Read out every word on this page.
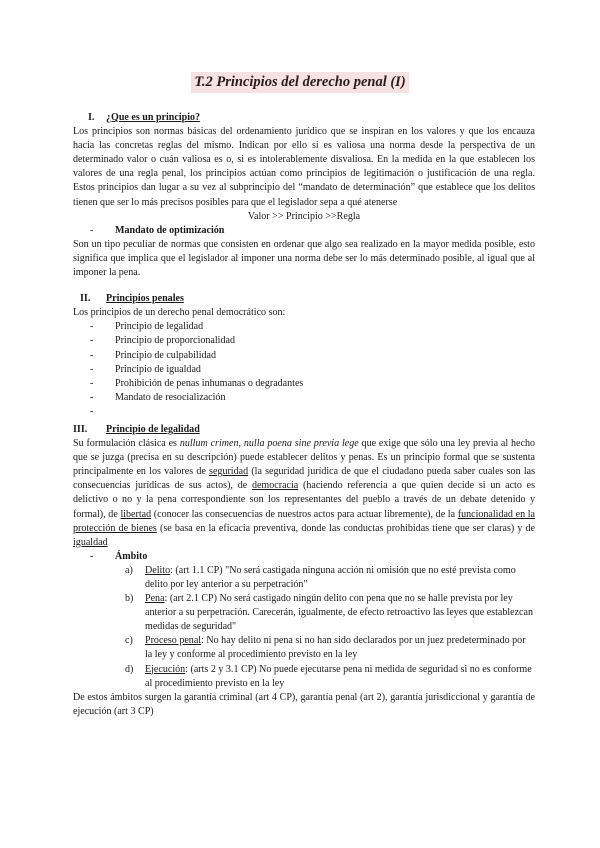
T.2 Principios del derecho penal (I)
I.	¿Que es un principio?

Los principios son normas básicas del ordenamiento jurídico que se inspiran en los valores y que los encauza hacia las concretas reglas del mismo. Indican por ello si es valiosa una norma desde la perspectiva de un determinado valor o cuán valiosa es o, si es intolerablemente disvaliosa. En la medida en la que establecen los valores de una regla penal, los principios actúan como principios de legitimación o justificación de una regla. Estos principios dan lugar a su vez al subprincipio del “mandato de determinación” que establece que los delitos tienen que ser lo más precisos posibles para que el legislador sepa a qué atenerse

Valor >> Principio >>Regla

-	Mandato de optimización

Son un tipo peculiar de normas que consisten en ordenar que algo sea realizado en la mayor medida posible, esto significa que implica que el legislador al imponer una norma debe ser lo más determinado posible, al igual que al imponer la pena.

II.	Principios penales

Los principios de un derecho penal democrático son:

-	Principio de legalidad
-	Principio de proporcionalidad
-	Principio de culpabilidad
-	Principio de igualdad
-	Prohibición de penas inhumanas o degradantes
-	Mandato de resocialización
-
III.	Principio de legalidad

Su formulación clásica es nullum crimen, nulla poena sine previa lege que exige que sólo una ley previa al hecho que se juzga (precisa en su descripción) puede establecer delitos y penas. Es un principio formal que se sustenta principalmente en los valores de seguridad (la seguridad jurídica de que el ciudadano pueda saber cuales son las consecuencias jurídicas de sus actos), de democracia (haciendo referencia a que quien decide si un acto es delictivo o no y la pena correspondiente son los representantes del pueblo a través de un debate detenido y formal), de libertad (conocer las consecuencias de nuestros actos para actuar libremente), de la funcionalidad en la protección de bienes (se basa en la eficacia preventiva, donde las conductas prohibidas tiene que ser claras) y de igualdad

-	Ámbito
a)	Delito: (art 1.1 CP) "No será castigada ninguna acción ni omisión que no esté prevista como delito por ley anterior a su perpetración"
b)	Pena: (art 2.1 CP) No será castigado ningún delito con pena que no se halle prevista por ley anterior a su perpetración. Carecerán, igualmente, de efecto retroactivo las leyes que establezcan medidas de seguridad"
c)	Proceso penal: No hay delito ni pena si no han sido declarados por un juez predeterminado por la ley y conforme al procedimiento previsto en la ley
d)	Ejecución: (arts 2 y 3.1 CP) No puede ejecutarse pena ni medida de seguridad si no es conforme al procedimiento previsto en la ley

De estos ámbitos surgen la garantía criminal (art 4 CP), garantía penal (art 2), garantía jurisdiccional y garantía de ejecución (art 3 CP)
